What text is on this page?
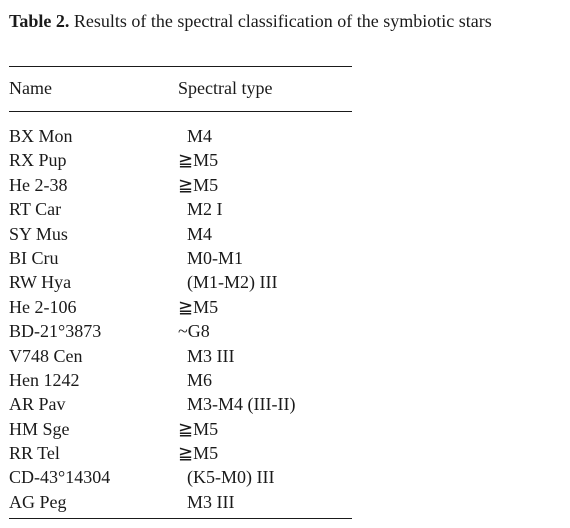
Table 2. Results of the spectral classification of the symbiotic stars
Name	Spectral type
BX Mon	M4
RX Pup	≧M5
He 2-38	≧M5
RT Car	M2 I
SY Mus	M4
BI Cru	M0-M1
RW Hya	(M1-M2) III
He 2-106	≧M5
BD-21°3873	~G8
V748 Cen	M3 III
Hen 1242	M6
AR Pav	M3-M4 (III-II)
HM Sge	≧M5
RR Tel	≧M5
CD-43°14304	(K5-M0) III
AG Peg	M3 III
